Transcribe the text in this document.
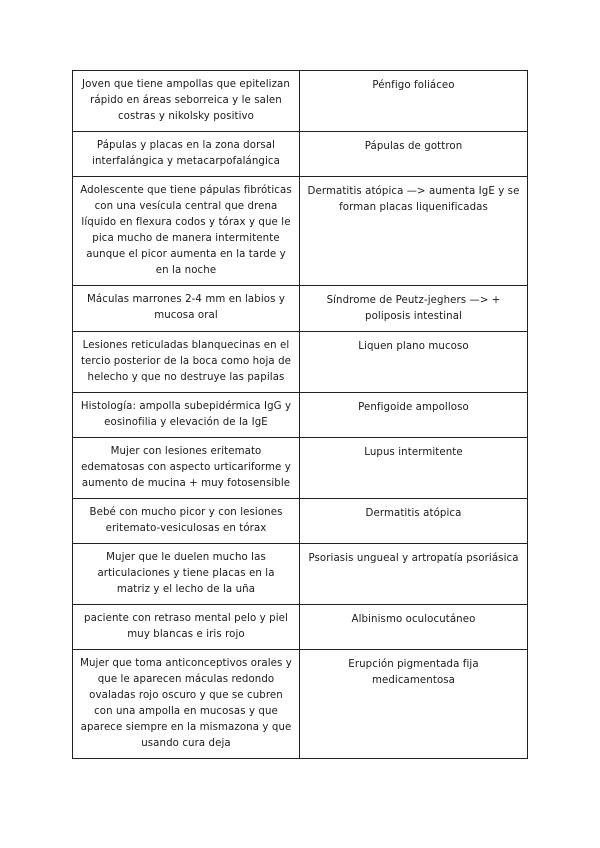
Joven que tiene ampollas que epitelizan rápido en áreas seborreica y le salen costras y nikolsky positivo	Pénfigo foliáceo
Pápulas y placas en la zona dorsal interfalángica y metacarpofalángica	Pápulas de gottron
Adolescente que tiene pápulas fibróticas con una vesícula central que drena líquido en flexura codos y tórax y que le pica mucho de manera intermitente aunque el picor aumenta en la tarde y en la noche	Dermatitis atópica —> aumenta IgE y se forman placas liquenificadas
Máculas marrones 2-4 mm en labios y mucosa oral	Síndrome de Peutz-jeghers —> + poliposis intestinal
Lesiones reticuladas blanquecinas en el tercio posterior de la boca como hoja de helecho y que no destruye las papilas	Liquen plano mucoso
Histología: ampolla subepidérmica IgG y eosinofilia y elevación de la IgE	Penfigoide ampolloso
Mujer con lesiones eritemato edematosas con aspecto urticariforme y aumento de mucina + muy fotosensible	Lupus intermitente
Bebé con mucho picor y con lesiones eritemato-vesiculosas en tórax	Dermatitis atópica
Mujer que le duelen mucho las articulaciones y tiene placas en la matriz y el lecho de la uña	Psoriasis ungueal y artropatía psoriásica
paciente con retraso mental pelo y piel muy blancas e iris rojo	Albinismo oculocutáneo
Mujer que toma anticonceptivos orales y que le aparecen máculas redondo ovaladas rojo oscuro y que se cubren con una ampolla en mucosas y que aparece siempre en la mismazona y que usando cura deja	Erupción pigmentada fija medicamentosa
